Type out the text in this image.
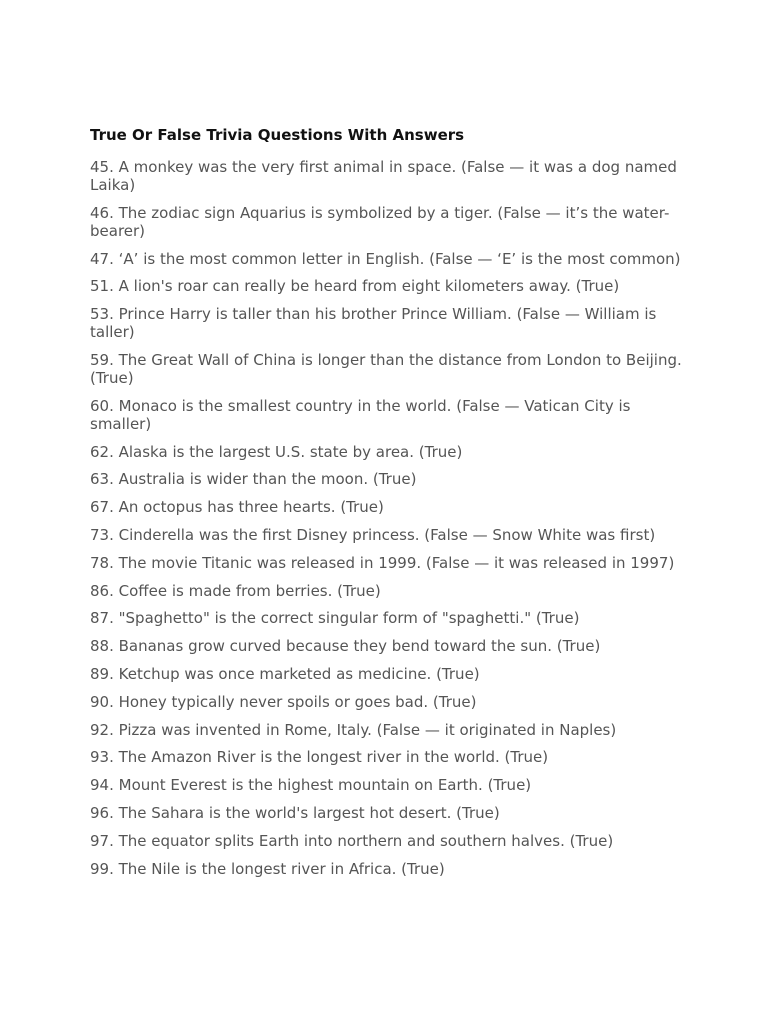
True Or False Trivia Questions With Answers
45. A monkey was the very first animal in space. (False — it was a dog named Laika)
46. The zodiac sign Aquarius is symbolized by a tiger. (False — it’s the water-bearer)
47. ‘A’ is the most common letter in English. (False — ‘E’ is the most common)
51. A lion's roar can really be heard from eight kilometers away. (True)
53. Prince Harry is taller than his brother Prince William. (False — William is taller)
59. The Great Wall of China is longer than the distance from London to Beijing. (True)
60. Monaco is the smallest country in the world. (False — Vatican City is smaller)
62. Alaska is the largest U.S. state by area. (True)
63. Australia is wider than the moon. (True)
67. An octopus has three hearts. (True)
73. Cinderella was the first Disney princess. (False — Snow White was first)
78. The movie Titanic was released in 1999. (False — it was released in 1997)
86. Coffee is made from berries. (True)
87. "Spaghetto" is the correct singular form of "spaghetti." (True)
88. Bananas grow curved because they bend toward the sun. (True)
89. Ketchup was once marketed as medicine. (True)
90. Honey typically never spoils or goes bad. (True)
92. Pizza was invented in Rome, Italy. (False — it originated in Naples)
93. The Amazon River is the longest river in the world. (True)
94. Mount Everest is the highest mountain on Earth. (True)
96. The Sahara is the world's largest hot desert. (True)
97. The equator splits Earth into northern and southern halves. (True)
99. The Nile is the longest river in Africa. (True)
